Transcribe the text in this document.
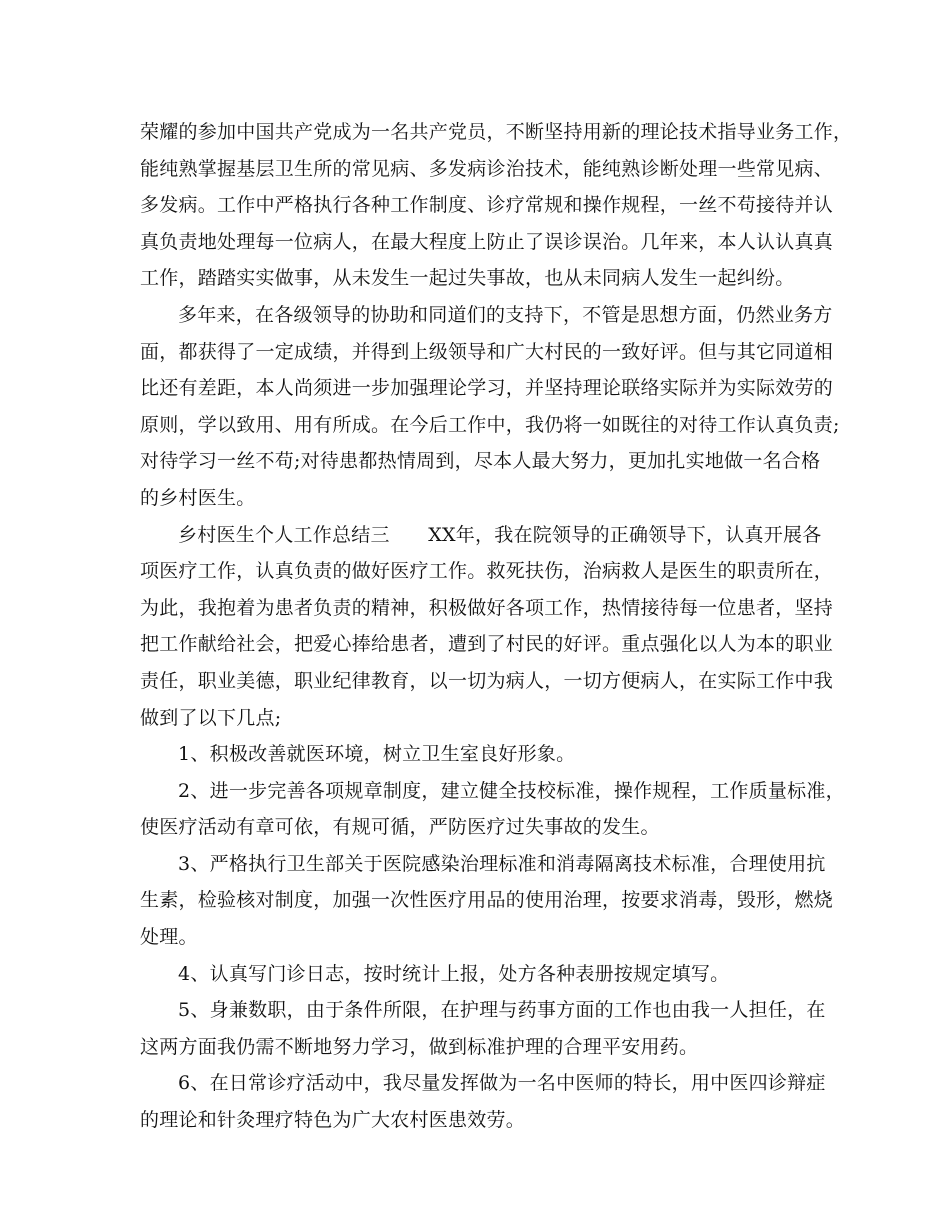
荣耀的参加中国共产党成为一名共产党员，不断坚持用新的理论技术指导业务工作，
能纯熟掌握基层卫生所的常见病、多发病诊治技术，能纯熟诊断处理一些常见病、
多发病。工作中严格执行各种工作制度、诊疗常规和操作规程，一丝不苟接待并认
真负责地处理每一位病人，在最大程度上防止了误诊误治。几年来，本人认认真真
工作，踏踏实实做事，从未发生一起过失事故，也从未同病人发生一起纠纷。
多年来，在各级领导的协助和同道们的支持下，不管是思想方面，仍然业务方
面，都获得了一定成绩，并得到上级领导和广大村民的一致好评。但与其它同道相
比还有差距，本人尚须进一步加强理论学习，并坚持理论联络实际并为实际效劳的
原则，学以致用、用有所成。在今后工作中，我仍将一如既往的对待工作认真负责;
对待学习一丝不苟;对待患都热情周到，尽本人最大努力，更加扎实地做一名合格
的乡村医生。
乡村医生个人工作总结三　　XX年，我在院领导的正确领导下，认真开展各
项医疗工作，认真负责的做好医疗工作。救死扶伤，治病救人是医生的职责所在，
为此，我抱着为患者负责的精神，积极做好各项工作，热情接待每一位患者，坚持
把工作献给社会，把爱心捧给患者，遭到了村民的好评。重点强化以人为本的职业
责任，职业美德，职业纪律教育，以一切为病人，一切方便病人，在实际工作中我
做到了以下几点;
1、积极改善就医环境，树立卫生室良好形象。
2、进一步完善各项规章制度，建立健全技校标准，操作规程，工作质量标准，
使医疗活动有章可依，有规可循，严防医疗过失事故的发生。
3、严格执行卫生部关于医院感染治理标准和消毒隔离技术标准，合理使用抗
生素，检验核对制度，加强一次性医疗用品的使用治理，按要求消毒，毁形，燃烧
处理。
4、认真写门诊日志，按时统计上报，处方各种表册按规定填写。
5、身兼数职，由于条件所限，在护理与药事方面的工作也由我一人担任，在
这两方面我仍需不断地努力学习，做到标准护理的合理平安用药。
6、在日常诊疗活动中，我尽量发挥做为一名中医师的特长，用中医四诊辩症
的理论和针灸理疗特色为广大农村医患效劳。
